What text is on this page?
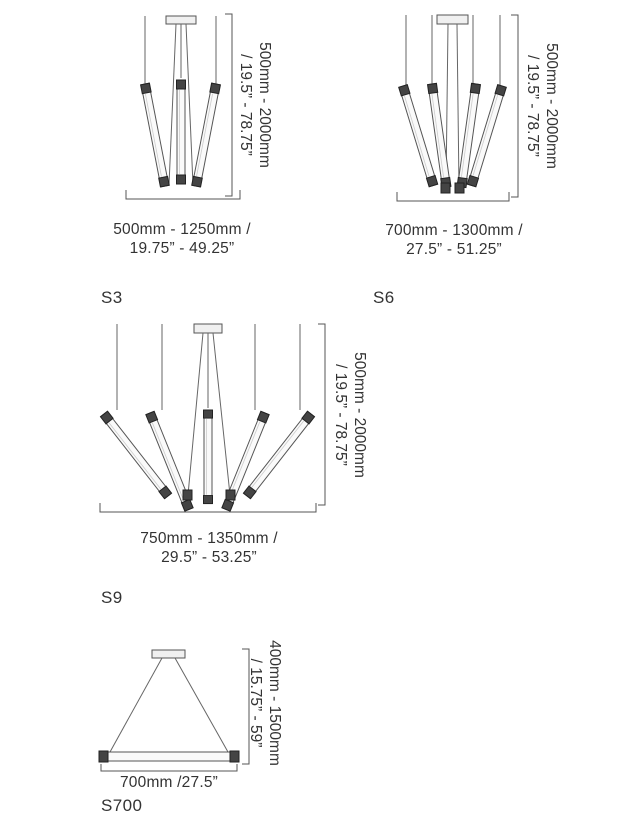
500mm - 1250mm /
19.75” - 49.25”
500mm - 2000mm
/ 19.5” - 78.75”
S3
700mm - 1300mm /
27.5” - 51.25”
500mm - 2000mm
/ 19.5” - 78.75”
S6
750mm - 1350mm /
29.5” - 53.25”
500mm - 2000mm
/ 19.5” - 78.75”
S9
700mm /27.5”
400mm - 1500mm
/ 15.75” - 59”
S700
